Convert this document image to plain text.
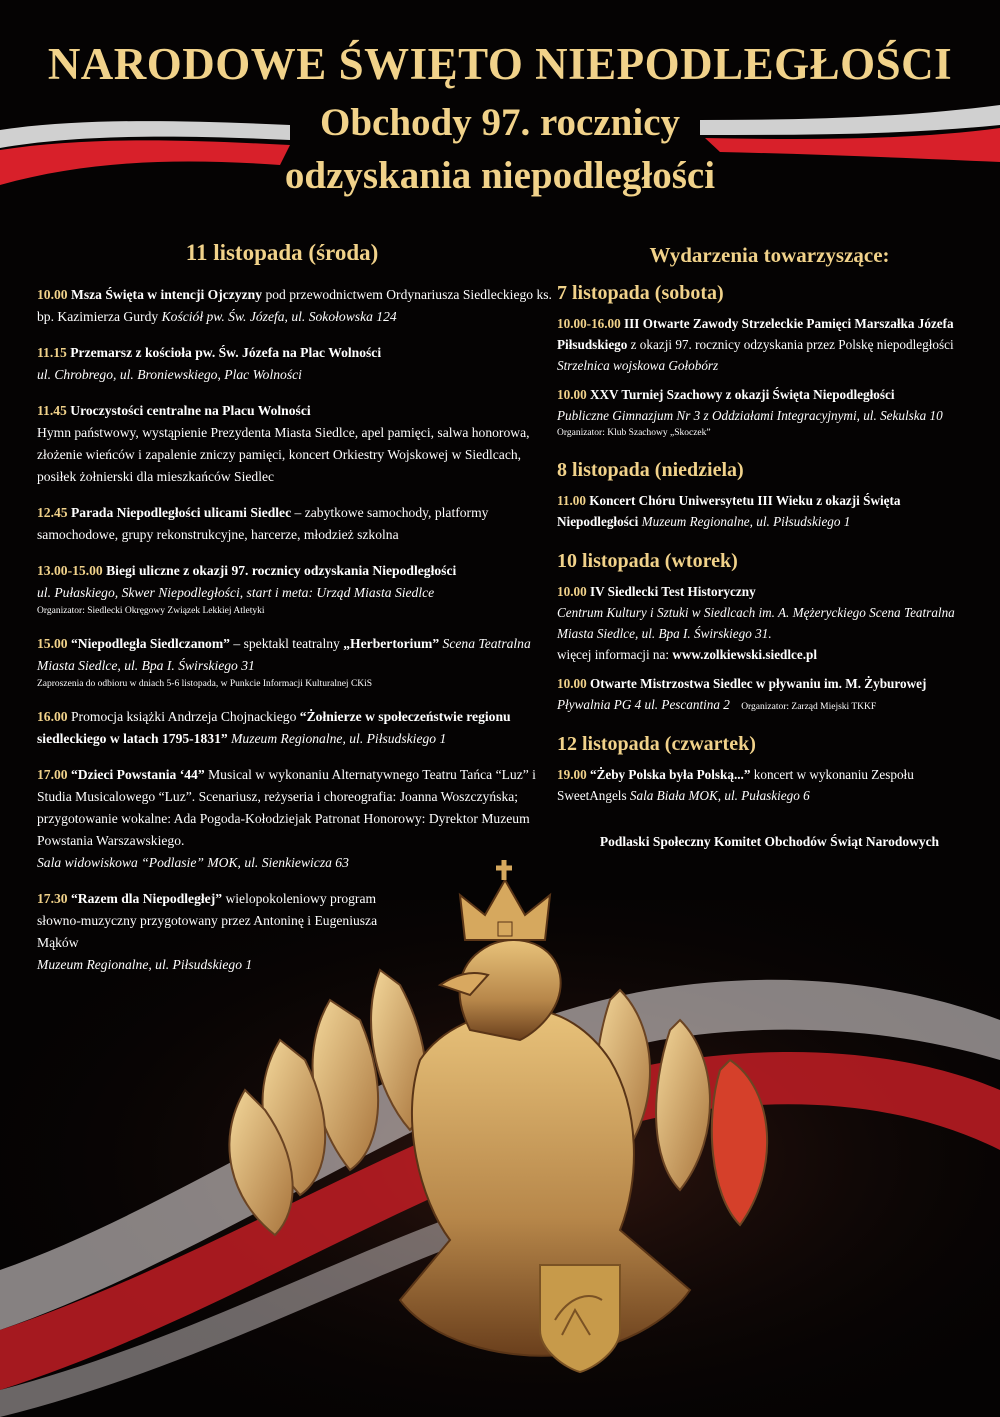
NARODOWE ŚWIĘTO NIEPODLEGŁOŚCI
Obchody 97. rocznicy
odzyskania niepodległości
11 listopada (środa)
10.00 Msza Święta w intencji Ojczyzny pod przewodnictwem Ordynariusza Siedleckiego ks. bp. Kazimierza Gurdy Kościół pw. Św. Józefa, ul. Sokołowska 124
11.15 Przemarsz z kościoła pw. Św. Józefa na Plac Wolności
ul. Chrobrego, ul. Broniewskiego, Plac Wolności
11.45 Uroczystości centralne na Placu Wolności
Hymn państwowy, wystąpienie Prezydenta Miasta Siedlce, apel pamięci, salwa honorowa, złożenie wieńców i zapalenie zniczy pamięci, koncert Orkiestry Wojskowej w Siedlcach, posiłek żołnierski dla mieszkańców Siedlec
12.45 Parada Niepodległości ulicami Siedlec – zabytkowe samochody, platformy samochodowe, grupy rekonstrukcyjne, harcerze, młodzież szkolna
13.00-15.00 Biegi uliczne z okazji 97. rocznicy odzyskania Niepodległości
ul. Pułaskiego, Skwer Niepodległości, start i meta: Urząd Miasta Siedlce
Organizator: Siedlecki Okręgowy Związek Lekkiej Atletyki
15.00 “Niepodległa Siedlczanom” – spektakl teatralny „Herbertorium” Scena Teatralna Miasta Siedlce, ul. Bpa I. Świrskiego 31
Zaproszenia do odbioru w dniach 5-6 listopada, w Punkcie Informacji Kulturalnej CKiS
16.00 Promocja książki Andrzeja Chojnackiego “Żołnierze w społeczeństwie regionu siedleckiego w latach 1795-1831” Muzeum Regionalne, ul. Piłsudskiego 1
17.00 “Dzieci Powstania ‘44” Musical w wykonaniu Alternatywnego Teatru Tańca “Luz” i Studia Musicalowego “Luz”. Scenariusz, reżyseria i choreografia: Joanna Woszczyńska; przygotowanie wokalne: Ada Pogoda-Kołodziejak Patronat Honorowy: Dyrektor Muzeum Powstania Warszawskiego.
Sala widowiskowa “Podlasie” MOK, ul. Sienkiewicza 63
17.30 “Razem dla Niepodległej” wielopokoleniowy program słowno-muzyczny przygotowany przez Antoninę i Eugeniusza Mąków
Muzeum Regionalne, ul. Piłsudskiego 1
Wydarzenia towarzyszące:
7 listopada (sobota)
10.00-16.00 III Otwarte Zawody Strzeleckie Pamięci Marszałka Józefa Piłsudskiego z okazji 97. rocznicy odzyskania przez Polskę niepodległości Strzelnica wojskowa Gołobórz
10.00 XXV Turniej Szachowy z okazji Święta Niepodległości
Publiczne Gimnazjum Nr 3 z Oddziałami Integracyjnymi, ul. Sekulska 10
Organizator: Klub Szachowy „Skoczek”
8 listopada (niedziela)
11.00 Koncert Chóru Uniwersytetu III Wieku z okazji Święta Niepodległości Muzeum Regionalne, ul. Piłsudskiego 1
10 listopada (wtorek)
10.00 IV Siedlecki Test Historyczny
Centrum Kultury i Sztuki w Siedlcach im. A. Mężeryckiego Scena Teatralna Miasta Siedlce, ul. Bpa I. Świrskiego 31.
więcej informacji na: www.zolkiewski.siedlce.pl
10.00 Otwarte Mistrzostwa Siedlec w pływaniu im. M. Żyburowej
Pływalnia PG 4 ul. Pescantina 2 Organizator: Zarząd Miejski TKKF
12 listopada (czwartek)
19.00 “Żeby Polska była Polską...” koncert w wykonaniu Zespołu SweetAngels Sala Biała MOK, ul. Pułaskiego 6
Podlaski Społeczny Komitet Obchodów Świąt Narodowych
